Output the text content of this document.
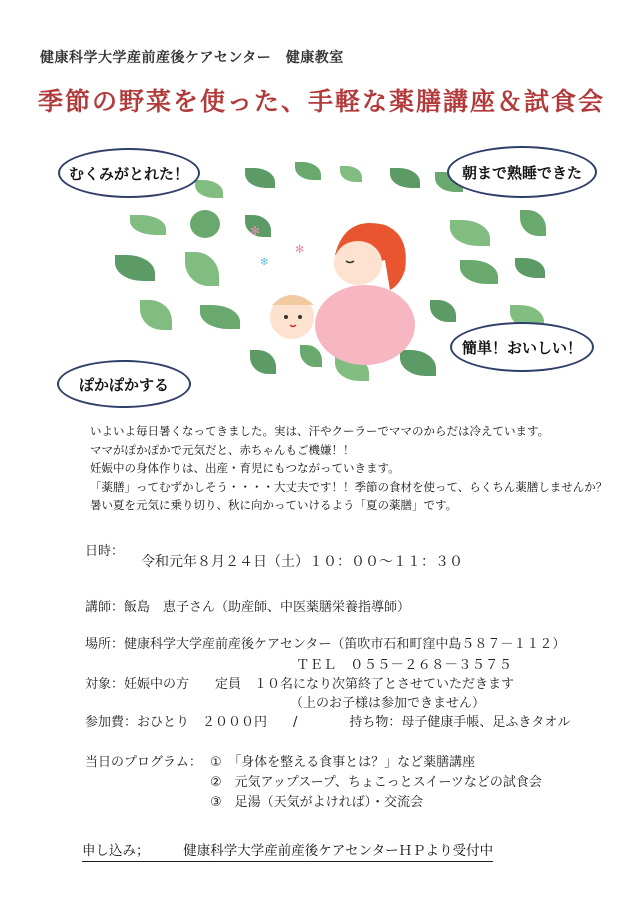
健康科学大学産前産後ケアセンター　健康教室
季節の野菜を使った、手軽な薬膳講座＆試食会
✻
✻
✻
むくみがとれた！	朝まで熟睡できた
簡単！おいしい！
ぽかぽかする
いよいよ毎日暑くなってきました。実は、汗やクーラーでママのからだは冷えています。
ママがぽかぽかで元気だと、赤ちゃんもご機嫌！！
妊娠中の身体作りは、出産・育児にもつながっていきます。
「薬膳」ってむずかしそう・・・・大丈夫です！！季節の食材を使って、らくちん薬膳しませんか？
暑い夏を元気に乗り切り、秋に向かっていけるよう「夏の薬膳」です。
日時：
令和元年８月２４日（土）１０：００～１１：３０
講師：飯島　恵子さん（助産師、中医薬膳栄養指導師）
場所：健康科学大学産前産後ケアセンター（笛吹市石和町窪中島５８７－１１２）
ＴＥＬ　０５５－２６８－３５７５
対象：妊娠中の方　　定員　１０名になり次第終了とさせていただきます
（上のお子様は参加できません）
参加費：おひとり　２０００円　　/　　　　持ち物：母子健康手帳、足ふきタオル
当日のプログラム： ①　「身体を整える食事とは？」など薬膳講座
②　元気アップスープ、ちょこっとスイーツなどの試食会
③　足湯（天気がよければ）・交流会
申し込み；　　　健康科学大学産前産後ケアセンターＨＰより受付中
